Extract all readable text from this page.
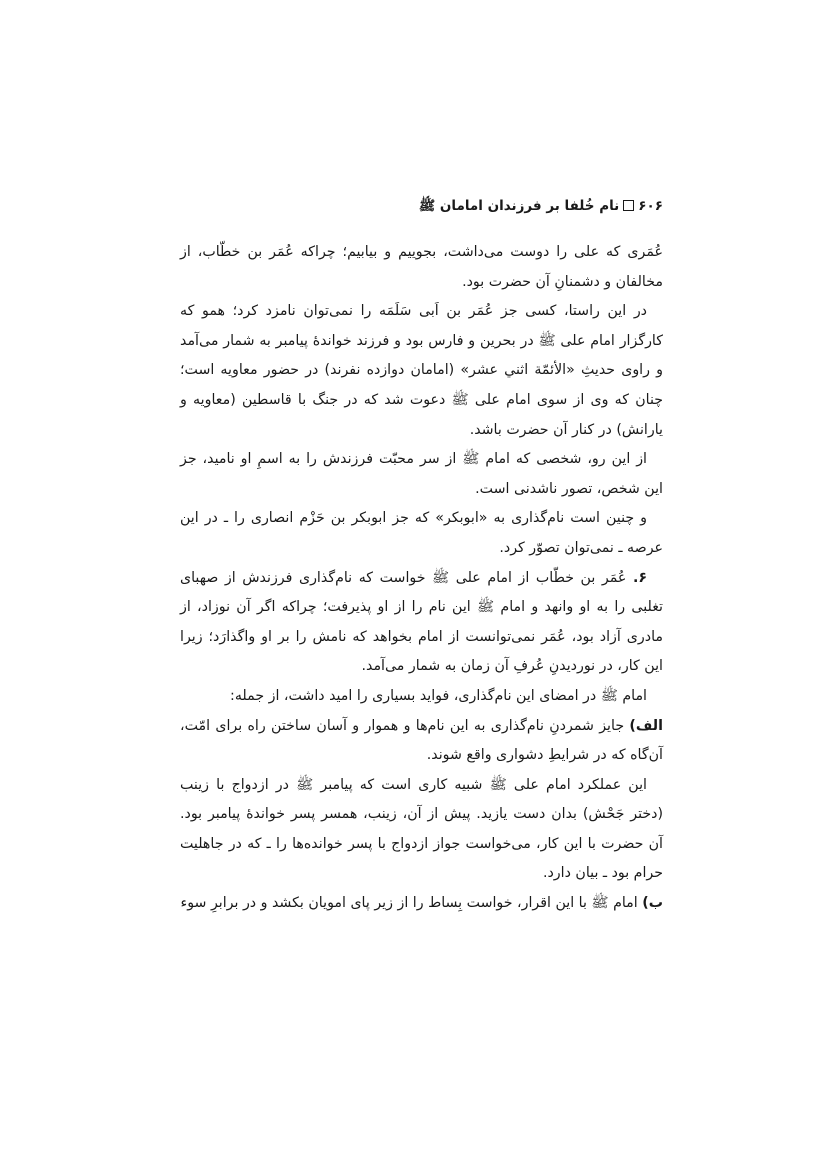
۶۰۶نام خُلفا بر فرزندان امامان ﷺ

عُمَری که علی را دوست می‌داشت، بجوییم و بیابیم؛ چراکه عُمَر بن خطّاب، از مخالفان و دشمنانِ آن حضرت بود.

در این راستا، کسی جز عُمَر بن اَبی سَلَمَه را نمی‌توان نامزد کرد؛ همو که کارگزار امام علی ﷺ در بحرین و فارس بود و فرزند خواندهٔ پیامبر به شمار می‌آمد و راوی حدیثِ «الأئمّة اثني عشر» (امامان دوازده نفرند) در حضور معاویه است؛ چنان که وی از سوی امام علی ﷺ دعوت شد که در جنگ با قاسطین (معاویه و یارانش) در کنار آن حضرت باشد.

از این رو، شخصی که امام ﷺ از سر محبّت فرزندش را به اسمِ او نامید، جز این شخص، تصور ناشدنی است.

و چنین است نام‌گذاری به «ابوبکر» که جز ابوبکر بن حَزْم انصاری را ـ در این عرصه ـ نمی‌توان تصوّر کرد.

۶. عُمَر بن خطّاب از امام علی ﷺ خواست که نام‌گذاری فرزندش از صهبای تغلبی را به او وانهد و امام ﷺ این نام را از او پذیرفت؛ چراکه اگر آن نوزاد، از مادری آزاد بود، عُمَر نمی‌توانست از امام بخواهد که نامش را بر او واگذارَد؛ زیرا این کار، در نوردیدنِ عُرفِ آن زمان به شمار می‌آمد.

امام ﷺ در امضای این نام‌گذاری، فواید بسیاری را امید داشت، از جمله:

الف) جایز شمردنِ نام‌گذاری به این نام‌ها و هموار و آسان ساختن راه برای امّت، آن‌گاه که در شرایطِ دشواری واقع شوند.

این عملکرد امام علی ﷺ شبیه کاری است که پیامبر ﷺ در ازدواج با زینب (دختر جَحْش) بدان دست یازید. پیش از آن، زینب، همسر پسر خواندهٔ پیامبر بود. آن حضرت با این کار، می‌خواست جواز ازدواج با پسر خوانده‌ها را ـ که در جاهلیت حرام بود ـ بیان دارد.

ب) امام ﷺ با این اقرار، خواست بِساط را از زیر پای امویان بکشد و در برابرِ سوء
